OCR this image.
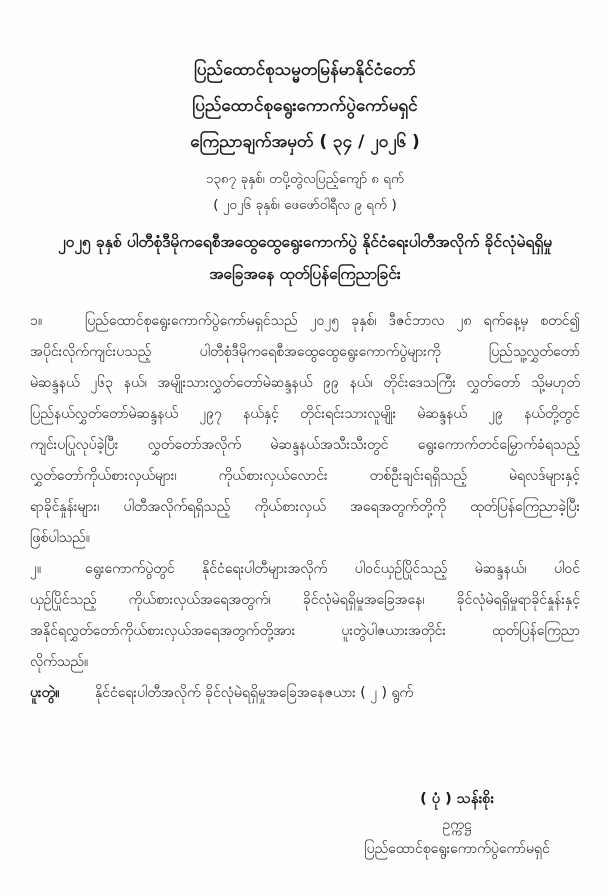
ပြည်ထောင်စုသမ္မတမြန်မာနိုင်ငံတော်
ပြည်ထောင်စုရွေးကောက်ပွဲကော်မရှင်
ကြေညာချက်အမှတ် ( ၃၄ / ၂၀၂၆ )
၁၃၈၇ ခုနှစ်၊ တပို့တွဲလပြည့်ကျော် ၈ ရက်
( ၂၀၂၆ ခုနှစ်၊ ဖေဖော်ဝါရီလ ၉ ရက် )
၂၀၂၅ ခုနှစ် ပါတီစုံဒီမိုကရေစီအထွေထွေရွေးကောက်ပွဲ နိုင်ငံရေးပါတီအလိုက် ခိုင်လုံမဲရရှိမှု
အခြေအနေ ထုတ်ပြန်ကြေညာခြင်း
၁။	ပြည်ထောင်စုရွေးကောက်ပွဲကော်မရှင်သည် ၂၀၂၅ ခုနှစ်၊ ဒီဇင်ဘာလ ၂၈ ရက်နေ့မှ စတင်၍
အပိုင်းလိုက်ကျင်းပသည့် ပါတီစုံဒီမိုကရေစီအထွေထွေရွေးကောက်ပွဲများကို ပြည်သူ့လွှတ်တော်
မဲဆန္ဒနယ် ၂၆၃ နယ်၊ အမျိုးသားလွှတ်တော်မဲဆန္ဒနယ် ၉၉ နယ်၊ တိုင်းဒေသကြီး လွှတ်တော် သို့မဟုတ်
ပြည်နယ်လွှတ်တော်မဲဆန္ဒနယ် ၂၉၇ နယ်နှင့် တိုင်းရင်းသားလူမျိုး မဲဆန္ဒနယ် ၂၉ နယ်တို့တွင်
ကျင်းပပြုလုပ်ခဲ့ပြီး လွှတ်တော်အလိုက် မဲဆန္ဒနယ်အသီးသီးတွင် ရွေးကောက်တင်မြှောက်ခံရသည့်
လွှတ်တော်ကိုယ်စားလှယ်များ၊ ကိုယ်စားလှယ်လောင်း တစ်ဦးချင်းရရှိသည့် မဲရလဒ်များနှင့်
ရာခိုင်နှုန်းများ၊ ပါတီအလိုက်ရရှိသည့် ကိုယ်စားလှယ် အရေအတွက်တို့ကို ထုတ်ပြန်ကြေညာခဲ့ပြီး
ဖြစ်ပါသည်။
၂။	ရွေးကောက်ပွဲတွင် နိုင်ငံရေးပါတီများအလိုက် ပါဝင်ယှဉ်ပြိုင်သည့် မဲဆန္ဒနယ်၊ ပါဝင်
ယှဉ်ပြိုင်သည့် ကိုယ်စားလှယ်အရေအတွက်၊ ခိုင်လုံမဲရရှိမှုအခြေအနေ၊ ခိုင်လုံမဲရရှိမှုရာခိုင်နှုန်းနှင့်
အနိုင်ရလွှတ်တော်ကိုယ်စားလှယ်အရေအတွက်တို့အား ပူးတွဲပါဇယားအတိုင်း ထုတ်ပြန်ကြေညာ
လိုက်သည်။
ပူးတွဲ။	နိုင်ငံရေးပါတီအလိုက် ခိုင်လုံမဲရရှိမှုအခြေအနေဇယား ( ၂ ) ရွက်
( ပုံ ) သန်းစိုး
ဥက္ကဋ္ဌ
ပြည်ထောင်စုရွေးကောက်ပွဲကော်မရှင်
